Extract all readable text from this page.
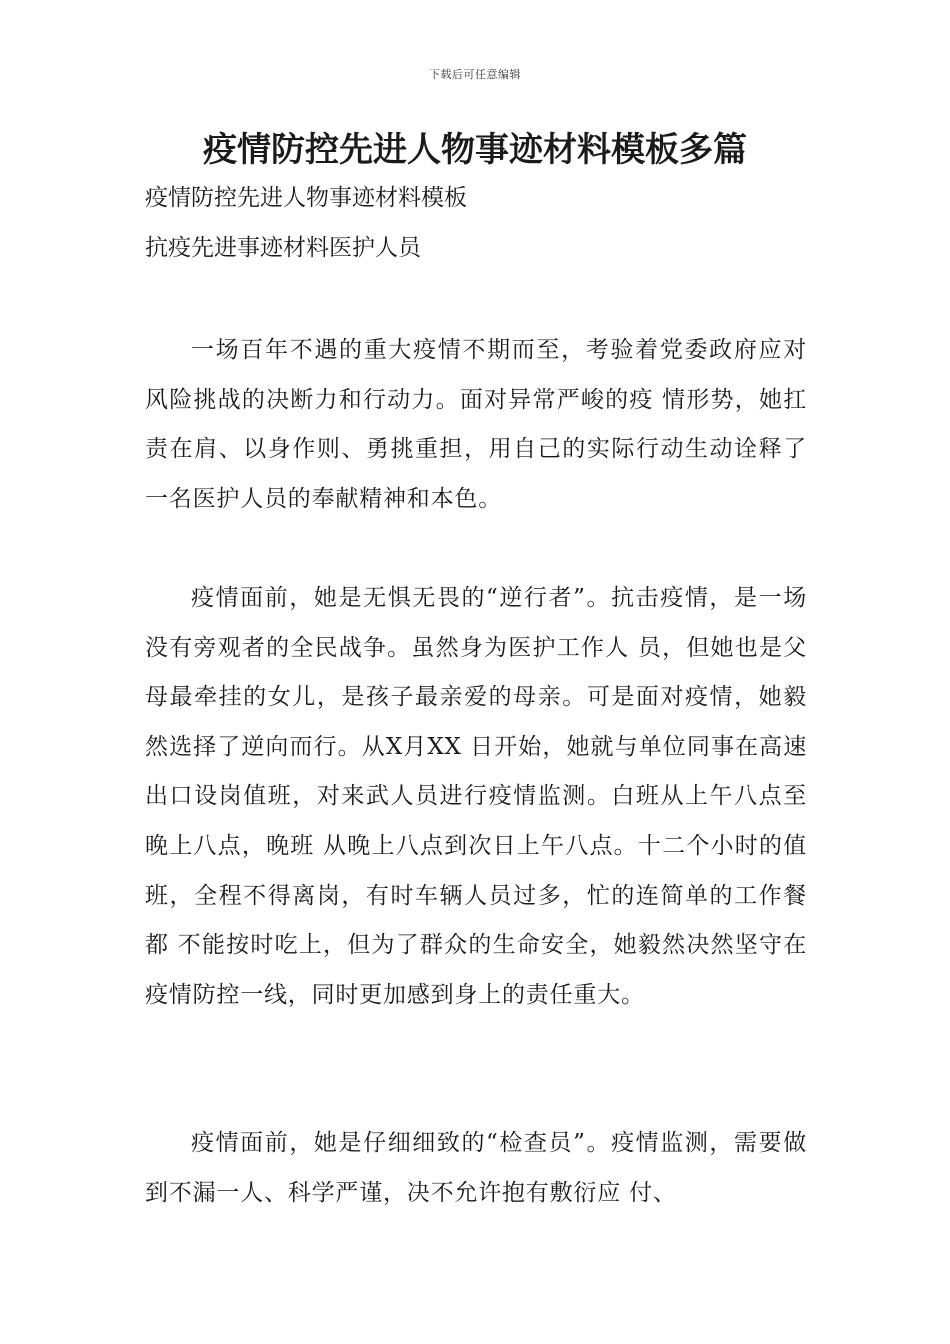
下载后可任意编辑
疫情防控先进人物事迹材料模板多篇

疫情防控先进人物事迹材料模板

抗疫先进事迹材料医护人员

一场百年不遇的重大疫情不期而至，考验着党委政府应对风险挑战的决断力和行动力。面对异常严峻的疫 情形势，她扛责在肩、以身作则、勇挑重担，用自己的实际行动生动诠释了一名医护人员的奉献精神和本色。

疫情面前，她是无惧无畏的“逆行者”。抗击疫情，是一场没有旁观者的全民战争。虽然身为医护工作人 员，但她也是父母最牵挂的女儿，是孩子最亲爱的母亲。可是面对疫情，她毅然选择了逆向而行。从X月XX 日开始，她就与单位同事在高速出口设岗值班，对来武人员进行疫情监测。白班从上午八点至晚上八点，晚班 从晚上八点到次日上午八点。十二个小时的值班，全程不得离岗，有时车辆人员过多，忙的连简单的工作餐都 不能按时吃上，但为了群众的生命安全，她毅然决然坚守在疫情防控一线，同时更加感到身上的责任重大。

疫情面前，她是仔细细致的“检查员”。疫情监测，需要做到不漏一人、科学严谨，决不允许抱有敷衍应 付、
